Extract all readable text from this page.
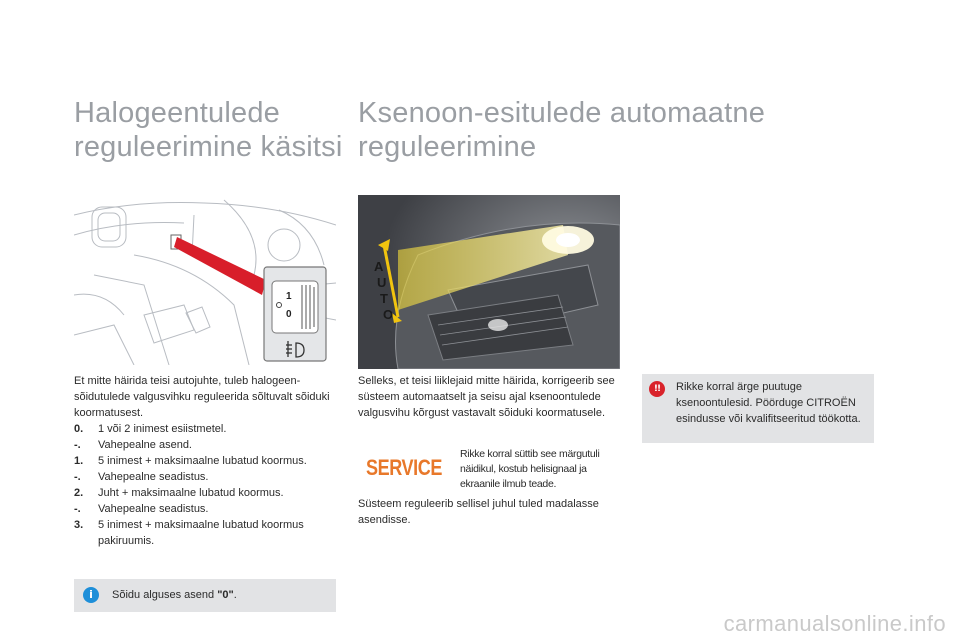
Halogeentulede
reguleerimine käsitsi
Ksenoon-esitulede automaatne
reguleerimine
1
0
A
U
T
O

Et mitte häirida teisi autojuhte, tuleb halogeen-sõidutulede valgusvihku reguleerida sõltuvalt sõiduki koormatusest.

0.	1 või 2 inimest esiistmetel.
-.	Vahepealne asend.
1.	5 inimest + maksimaalne lubatud koormus.
-.	Vahepealne seadistus.
2.	Juht + maksimaalne lubatud koormus.
-.	Vahepealne seadistus.
3.	5 inimest + maksimaalne lubatud koormus pakiruumis.
i	Sõidu alguses asend "0".

Selleks, et teisi liiklejaid mitte häirida, korrigeerib see süsteem automaatselt ja seisu ajal ksenoontulede valgusvihu kõrgust vastavalt sõiduki koormatusele.

SERVICE

Rikke korral süttib see märgutuli näidikul, kostub helisignaal ja ekraanile ilmub teade.

Süsteem reguleerib sellisel juhul tuled madalasse asendisse.

!!	Rikke korral ärge puutuge ksenoontulesid. Pöörduge CITROËN esindusse või kvalifitseeritud töökotta.

carmanualsonline.info
